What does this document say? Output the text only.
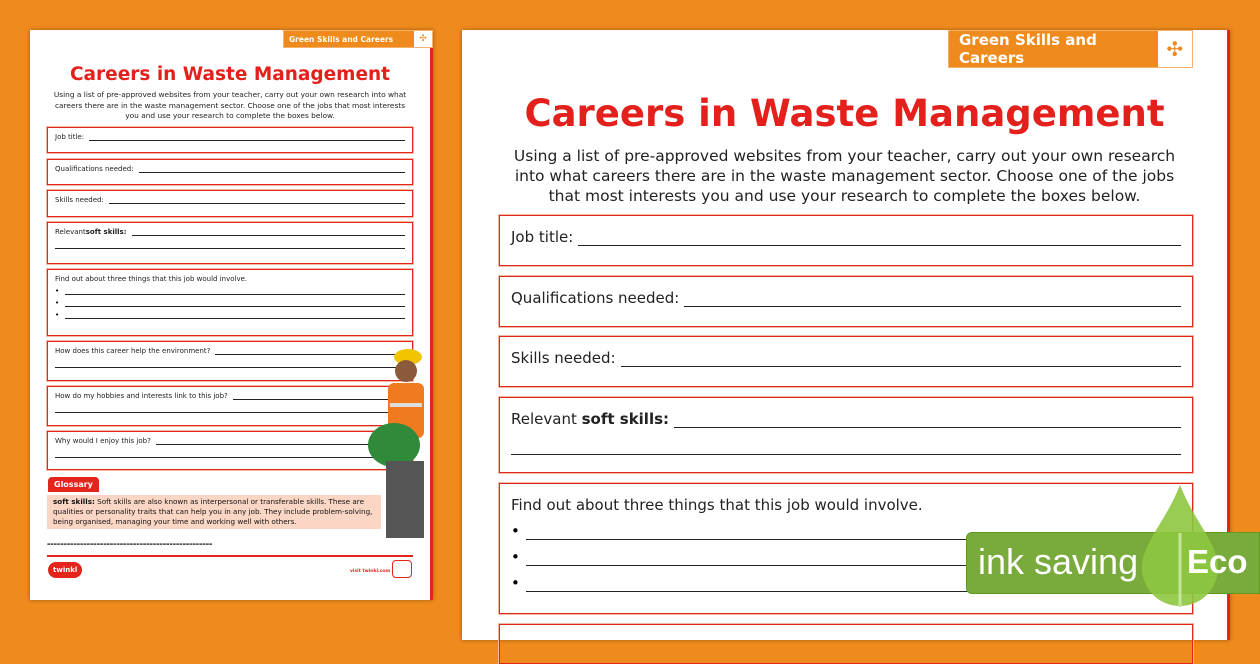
Green Skills and Careers	✣
Careers in Waste Management
Using a list of pre-approved websites from your teacher, carry out your own research into what careers there are in the waste management sector. Choose one of the jobs that most interests you and use your research to complete the boxes below.
Job title:
Qualifications needed:
Skills needed:
Relevant soft skills:
Find out about three things that this job would involve.
•
•
•
How does this career help the environment?
How do my hobbies and interests link to this job?
Why would I enjoy this job?
Glossary
soft skills: Soft skills are also known as interpersonal or transferable skills. These are qualities or personality traits that can help you in any job. They include problem-solving, being organised, managing your time and working well with others.
▬▬▬▬▬▬▬▬▬▬▬▬▬▬▬▬▬▬▬▬▬▬▬▬▬▬▬▬▬▬▬▬▬▬▬▬▬▬▬▬▬▬▬▬▬▬▬▬▬▬
twinkl	visit twinkl.com
Green Skills and Careers	✣
Careers in Waste Management
Using a list of pre-approved websites from your teacher, carry out your own research into what careers there are in the waste management sector. Choose one of the jobs that most interests you and use your research to complete the boxes below.
Job title:
Qualifications needed:
Skills needed:
Relevant soft skills:
Find out about three things that this job would involve.
•
•
•
ink saving Eco
